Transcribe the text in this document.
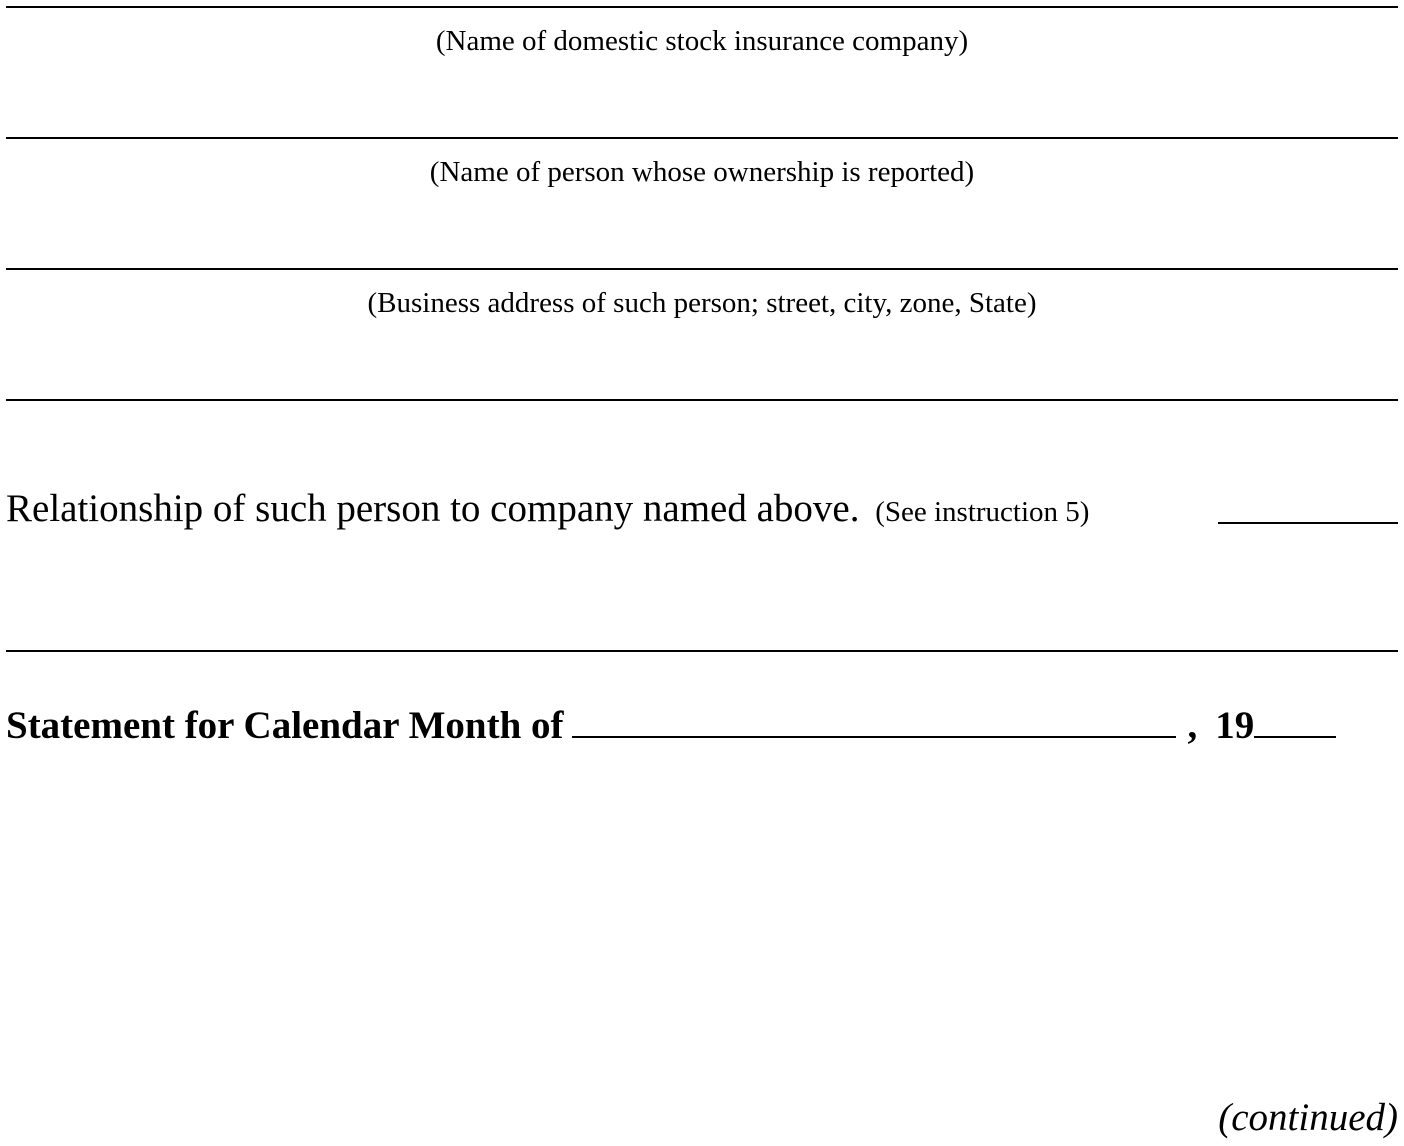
(Name of domestic stock insurance company)
(Name of person whose ownership is reported)
(Business address of such person; street, city, zone, State)
Relationship of such person to company named above. (See instruction 5)
Statement for Calendar Month of	, 19
(continued)
